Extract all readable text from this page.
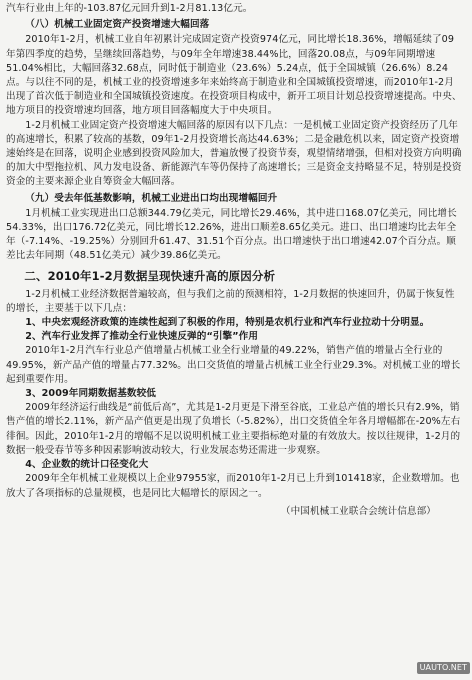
汽车行业由上年的-103.87亿元回升到1-2月81.13亿元。

（八）机械工业固定资产投资增速大幅回落

2010年1-2月，机械工业自年初累计完成固定资产投资974亿元，同比增长18.36%，增幅延续了09年第四季度的趋势，呈继续回落趋势，与09年全年增速38.44%比，回落20.08点，与09年同期增速51.04%相比，大幅回落32.68点，同时低于制造业（23.6%）5.24点，低于全国城镇（26.6%）8.24点。与以往不同的是，机械工业的投资增速多年来始终高于制造业和全国城镇投资增速，而2010年1-2月出现了首次低于制造业和全国城镇投资速度。在投资项目构成中，新开工项目计划总投资增速提高。中央、地方项目的投资增速均回落，地方项目回落幅度大于中央项目。

1-2月机械工业固定资产投资增速大幅回落的原因有以下几点：一是机械工业固定资产投资经历了几年的高速增长，积累了较高的基数，09年1-2月投资增长高达44.63%；二是金融危机以来，固定资产投资增速始终是在回落，说明企业感到投资风险加大，普遍放慢了投资节奏，观望情绪增强，但相对投资方向明确的加大中型拖拉机、风力发电设备、新能源汽车等仍保持了高速增长；三是资金支持略显不足，特别是投资资金的主要来源企业自筹资金大幅回落。

（九）受去年低基数影响，机械工业进出口均出现增幅回升

1月机械工业实现进出口总额344.79亿美元，同比增长29.46%，其中进口168.07亿美元，同比增长54.33%，出口176.72亿美元，同比增长12.26%，进出口顺差8.65亿美元。进口、出口增速均比去年全年（-7.14%、-19.25%）分别回升61.47、31.51个百分点。出口增速快于出口增速42.07个百分点。顺差比去年同期（48.51亿美元）减少39.86亿美元。

二、2010年1-2月数据呈现快速升高的原因分析

1-2月机械工业经济数据普遍较高，但与我们之前的预测相符，1-2月数据的快速回升，仍属于恢复性的增长，主要基于以下几点：

1、中央宏观经济政策的连续性起到了积极的作用，特别是农机行业和汽车行业拉动十分明显。

2、汽车行业发挥了推动全行业快速反弹的“引擎”作用

2010年1-2月汽车行业总产值增量占机械工业全行业增量的49.22%，销售产值的增量占全行业的49.95%，新产品产值的增量占77.32%。出口交货值的增量占机械工业全行业29.3%。对机械工业的增长起到重要作用。

3、2009年同期数据基数较低

2009年经济运行曲线是“前低后高”，尤其是1-2月更是下滑至谷底，工业总产值的增长只有2.9%，销售产值的增长2.11%，新产品产值更是出现了负增长（-5.82%），出口交货值全年各月增幅都在-20%左右徘徊。因此，2010年1-2月的增幅不足以说明机械工业主要指标绝对量的有效放大。按以往规律，1-2月的数据一般受春节等多种因素影响波动较大，行业发展态势还需进一步观察。

4、企业数的统计口径变化大

2009年全年机械工业规模以上企业97955家，而2010年1-2月已上升到101418家，企业数增加。也放大了各项指标的总量规模，也是同比大幅增长的原因之一。

（中国机械工业联合会统计信息部）

UAUTO.NET
